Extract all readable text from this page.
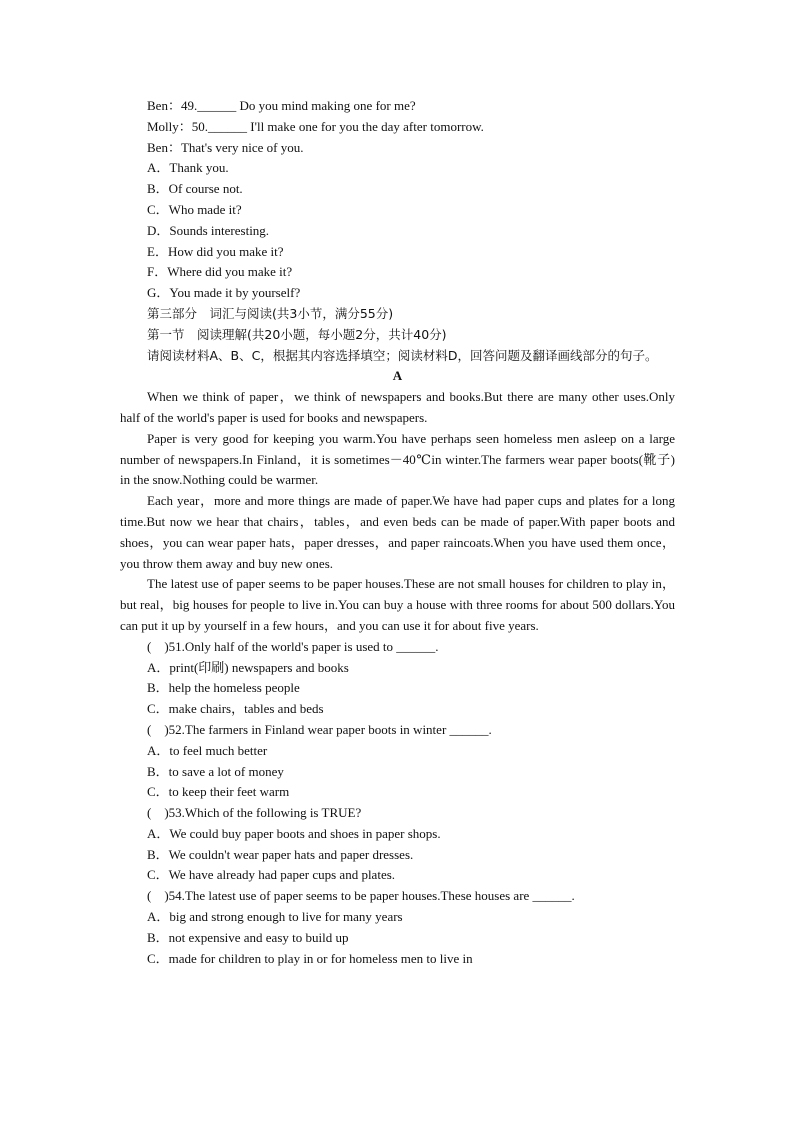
Ben：49.______ Do you mind making one for me?
Molly：50.______ I'll make one for you the day after tomorrow.
Ben：That's very nice of you.
A．Thank you.
B．Of course not.
C．Who made it?
D．Sounds interesting.
E．How did you make it?
F．Where did you make it?
G．You made it by yourself?
第三部分　词汇与阅读(共3小节，满分55分)
第一节　阅读理解(共20小题，每小题2分，共计40分)
请阅读材料A、B、C，根据其内容选择填空；阅读材料D，回答问题及翻译画线部分的句子。
A
When we think of paper，we think of newspapers and books.But there are many other uses.Only half of the world's paper is used for books and newspapers.
Paper is very good for keeping you warm.You have perhaps seen homeless men asleep on a large number of newspapers.In Finland，it is sometimes－40℃in winter.The farmers wear paper boots(靴子) in the snow.Nothing could be warmer.
Each year，more and more things are made of paper.We have had paper cups and plates for a long time.But now we hear that chairs，tables，and even beds can be made of paper.With paper boots and shoes，you can wear paper hats，paper dresses，and paper raincoats.When you have used them once，you throw them away and buy new ones.
The latest use of paper seems to be paper houses.These are not small houses for children to play in，but real，big houses for people to live in.You can buy a house with three rooms for about 500 dollars.You can put it up by yourself in a few hours，and you can use it for about five years.
(　)51.Only half of the world's paper is used to ______.
A．print(印刷) newspapers and books
B．help the homeless people
C．make chairs，tables and beds
(　)52.The farmers in Finland wear paper boots in winter ______.
A．to feel much better
B．to save a lot of money
C．to keep their feet warm
(　)53.Which of the following is TRUE?
A．We could buy paper boots and shoes in paper shops.
B．We couldn't wear paper hats and paper dresses.
C．We have already had paper cups and plates.
(　)54.The latest use of paper seems to be paper houses.These houses are ______.
A．big and strong enough to live for many years
B．not expensive and easy to build up
C．made for children to play in or for homeless men to live in
